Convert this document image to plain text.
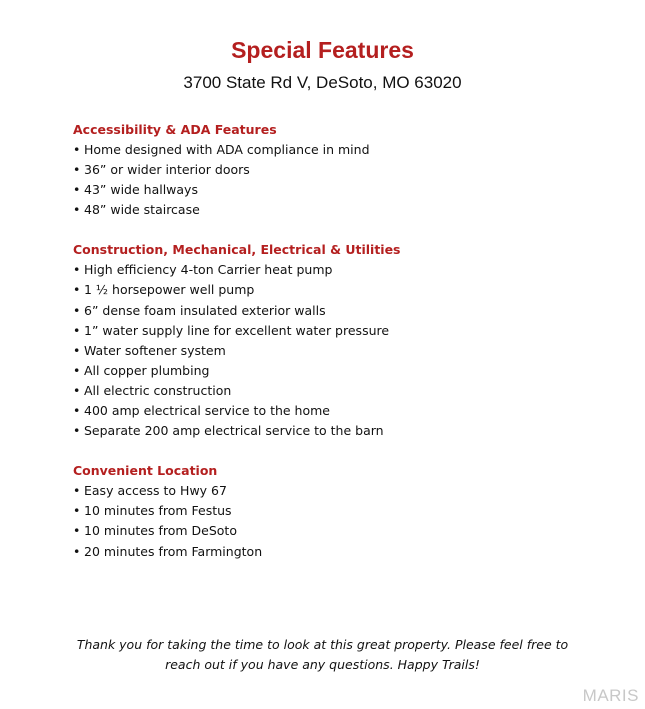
Special Features
3700 State Rd V, DeSoto, MO 63020
Accessibility & ADA Features
• Home designed with ADA compliance in mind
• 36” or wider interior doors
• 43” wide hallways
• 48” wide staircase
Construction, Mechanical, Electrical & Utilities
• High efficiency 4-ton Carrier heat pump
• 1 ½ horsepower well pump
• 6” dense foam insulated exterior walls
• 1” water supply line for excellent water pressure
• Water softener system
• All copper plumbing
• All electric construction
• 400 amp electrical service to the home
• Separate 200 amp electrical service to the barn
Convenient Location
• Easy access to Hwy 67
• 10 minutes from Festus
• 10 minutes from DeSoto
• 20 minutes from Farmington
Thank you for taking the time to look at this great property. Please feel free to
reach out if you have any questions. Happy Trails!
MARIS
